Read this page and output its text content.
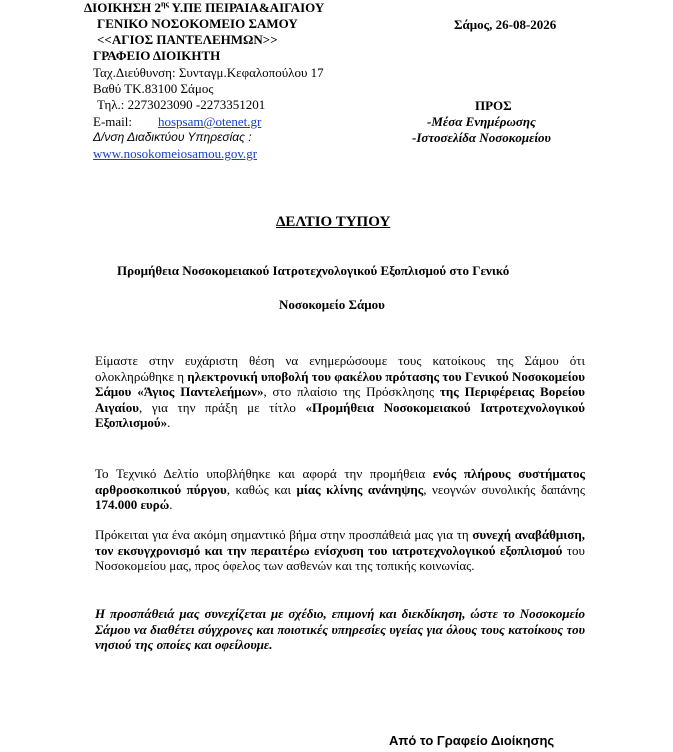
ΔΙΟΙΚΗΣΗ $2^{\eta\varsigma}$ Υ.ΠΕ ΠΕΙΡΑΙΑ&ΑΙΓΑΙΟΥ
ΓΕΝΙΚΟ ΝΟΣΟΚΟΜΕΙΟ ΣΑΜΟΥ
<<ΑΓΙΟΣ ΠΑΝΤΕΛΕΗΜΩΝ>>
ΓΡΑΦΕΙΟ ΔΙΟΙΚΗΤΗ
Ταχ.Διεύθυνση: Συνταγμ.Κεφαλοπούλου 17
Βαθύ ΤΚ.83100 Σάμος
Τηλ.: 2273023090 -2273351201
E-mail: hospsam@otenet.gr
Δ/νση Διαδικτύου Υπηρεσίας :
www.nosokomeiosamou.gov.gr
Σάμος, 26-08-2026
ΠΡΟΣ
-Μέσα Ενημέρωσης
-Ιστοσελίδα Νοσοκομείου
ΔΕΛΤΙΟ ΤΥΠΟΥ
Προμήθεια Νοσοκομειακού Ιατροτεχνολογικού Εξοπλισμού στο Γενικό
Νοσοκομείο Σάμου
Είμαστε στην ευχάριστη θέση να ενημερώσουμε τους κατοίκους της Σάμου ότι ολοκληρώθηκε η ηλεκτρονική υποβολή του φακέλου πρότασης του Γενικού Νοσοκομείου Σάμου «Άγιος Παντελεήμων», στο πλαίσιο της Πρόσκλησης της Περιφέρειας Βορείου Αιγαίου, για την πράξη με τίτλο «Προμήθεια Νοσοκομειακού Ιατροτεχνολογικού Εξοπλισμού».
Το Τεχνικό Δελτίο υποβλήθηκε και αφορά την προμήθεια ενός πλήρους συστήματος αρθροσκοπικού πύργου, καθώς και μίας κλίνης ανάνηψης, νεογνών συνολικής δαπάνης 174.000 ευρώ.
Πρόκειται για ένα ακόμη σημαντικό βήμα στην προσπάθειά μας για τη συνεχή αναβάθμιση, τον εκσυγχρονισμό και την περαιτέρω ενίσχυση του ιατροτεχνολογικού εξοπλισμού του Νοσοκομείου μας, προς όφελος των ασθενών και της τοπικής κοινωνίας.
Η προσπάθειά μας συνεχίζεται με σχέδιο, επιμονή και διεκδίκηση, ώστε το Νοσοκομείο Σάμου να διαθέτει σύγχρονες και ποιοτικές υπηρεσίες υγείας για όλους τους κατοίκους του νησιού της οποίες και οφείλουμε.
Από το Γραφείο Διοίκησης
